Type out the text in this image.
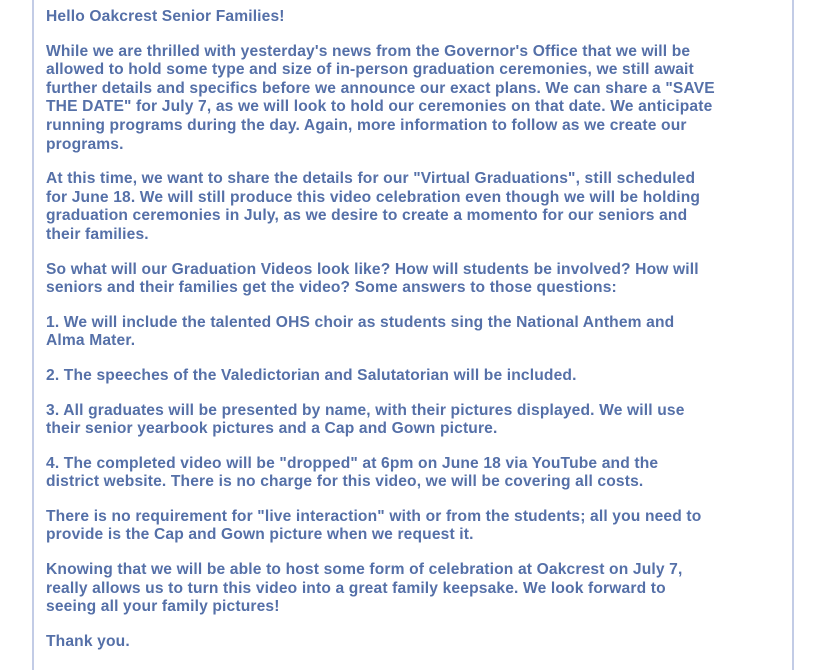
Hello Oakcrest Senior Families!

While we are thrilled with yesterday's news from the Governor's Office that we will be
allowed to hold some type and size of in-person graduation ceremonies, we still await
further details and specifics before we announce our exact plans. We can share a "SAVE
THE DATE" for July 7, as we will look to hold our ceremonies on that date. We anticipate
running programs during the day. Again, more information to follow as we create our
programs.

At this time, we want to share the details for our "Virtual Graduations", still scheduled
for June 18. We will still produce this video celebration even though we will be holding
graduation ceremonies in July, as we desire to create a momento for our seniors and
their families.

So what will our Graduation Videos look like? How will students be involved? How will
seniors and their families get the video? Some answers to those questions:

1. We will include the talented OHS choir as students sing the National Anthem and
Alma Mater.

2. The speeches of the Valedictorian and Salutatorian will be included.

3. All graduates will be presented by name, with their pictures displayed. We will use
their senior yearbook pictures and a Cap and Gown picture.

4. The completed video will be "dropped" at 6pm on June 18 via YouTube and the
district website. There is no charge for this video, we will be covering all costs.

There is no requirement for "live interaction" with or from the students; all you need to
provide is the Cap and Gown picture when we request it.

Knowing that we will be able to host some form of celebration at Oakcrest on July 7,
really allows us to turn this video into a great family keepsake. We look forward to
seeing all your family pictures!

Thank you.
